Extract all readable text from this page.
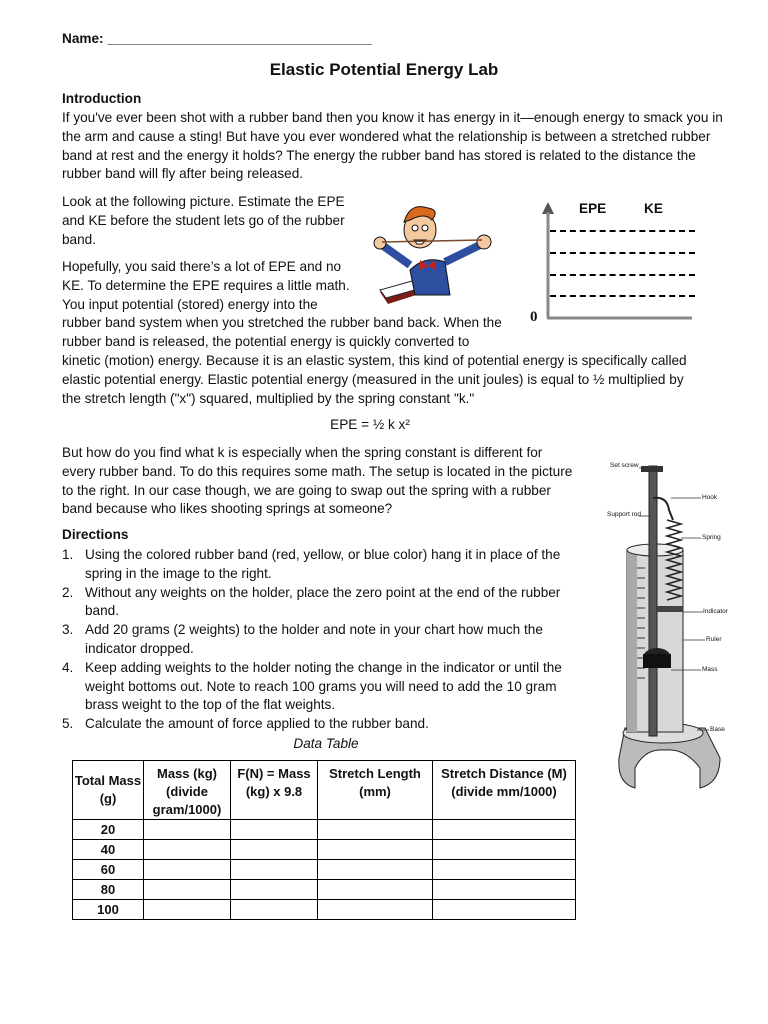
Name: ___________________________________
Elastic Potential Energy Lab
Introduction

If you've ever been shot with a rubber band then you know it has energy in it—enough energy to smack you in the arm and cause a sting! But have you ever wondered what the relationship is between a stretched rubber band at rest and the energy it holds? The energy the rubber band has stored is related to the distance the rubber band will fly after being released.

Look at the following picture. Estimate the EPE
and KE before the student lets go of the rubber
band.
Hopefully, you said there’s a lot of EPE and no
KE. To determine the EPE requires a little math.
You input potential (stored) energy into the
rubber band system when you stretched the rubber band back. When the
rubber band is released, the potential energy is quickly converted to
kinetic (motion) energy. Because it is an elastic system, this kind of potential energy is specifically called
elastic potential energy. Elastic potential energy (measured in the unit joules) is equal to ½ multiplied by
the stretch length ("x") squared, multiplied by the spring constant "k."
EPE	KE
0
EPE = ½ k x²
But how do you find what k is especially when the spring constant is different for
every rubber band. To do this requires some math. The setup is located in the picture
to the right. In our case though, we are going to swap out the spring with a rubber
band because who likes shooting springs at someone?
Set screw
Hook
Support rod
Spring
Indicator
Ruler
Mass
Base
Directions
1. Using the colored rubber band (red, yellow, or blue color) hang it in place of the spring in the image to the right.
2. Without any weights on the holder, place the zero point at the end of the rubber band.
3. Add 20 grams (2 weights) to the holder and note in your chart how much the indicator dropped.
4. Keep adding weights to the holder noting the change in the indicator or until the weight bottoms out. Note to reach 100 grams you will need to add the 10 gram brass weight to the top of the flat weights.
5. Calculate the amount of force applied to the rubber band.
Data Table
Total Mass (g)	Mass (kg) (divide gram/1000)	F(N) = Mass (kg) x 9.8	Stretch Length (mm)	Stretch Distance (M) (divide mm/1000)
20				
40				
60				
80				
100				
